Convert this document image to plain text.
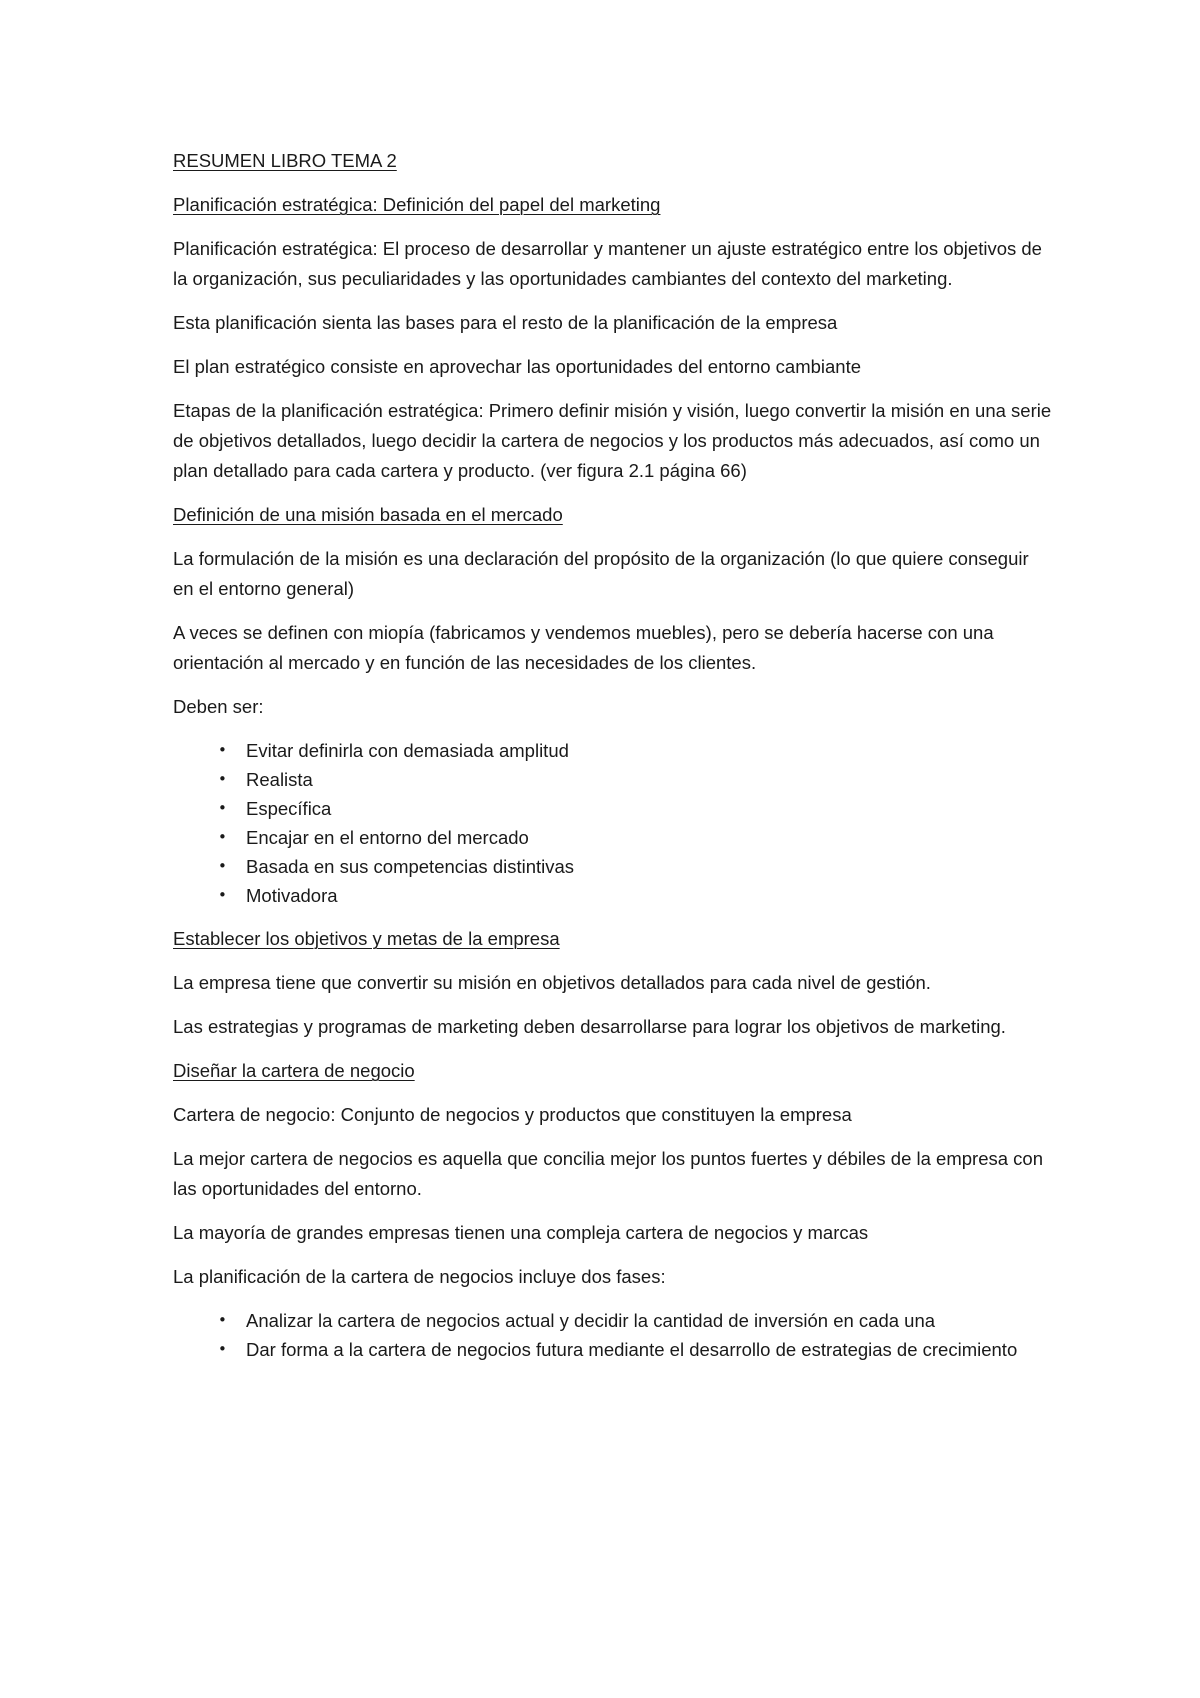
RESUMEN LIBRO TEMA 2

Planificación estratégica: Definición del papel del marketing

Planificación estratégica: El proceso de desarrollar y mantener un ajuste estratégico entre los objetivos de la organización, sus peculiaridades y las oportunidades cambiantes del contexto del marketing.

Esta planificación sienta las bases para el resto de la planificación de la empresa

El plan estratégico consiste en aprovechar las oportunidades del entorno cambiante

Etapas de la planificación estratégica: Primero definir misión y visión, luego convertir la misión en una serie de objetivos detallados, luego decidir la cartera de negocios y los productos más adecuados, así como un plan detallado para cada cartera y producto. (ver figura 2.1 página 66)

Definición de una misión basada en el mercado

La formulación de la misión es una declaración del propósito de la organización (lo que quiere conseguir en el entorno general)

A veces se definen con miopía (fabricamos y vendemos muebles), pero se debería hacerse con una orientación al mercado y en función de las necesidades de los clientes.

Deben ser:

• Evitar definirla con demasiada amplitud
• Realista
• Específica
• Encajar en el entorno del mercado
• Basada en sus competencias distintivas
• Motivadora

Establecer los objetivos y metas de la empresa

La empresa tiene que convertir su misión en objetivos detallados para cada nivel de gestión.

Las estrategias y programas de marketing deben desarrollarse para lograr los objetivos de marketing.

Diseñar la cartera de negocio

Cartera de negocio: Conjunto de negocios y productos que constituyen la empresa

La mejor cartera de negocios es aquella que concilia mejor los puntos fuertes y débiles de la empresa con las oportunidades del entorno.

La mayoría de grandes empresas tienen una compleja cartera de negocios y marcas

La planificación de la cartera de negocios incluye dos fases:

• Analizar la cartera de negocios actual y decidir la cantidad de inversión en cada una
• Dar forma a la cartera de negocios futura mediante el desarrollo de estrategias de crecimiento
